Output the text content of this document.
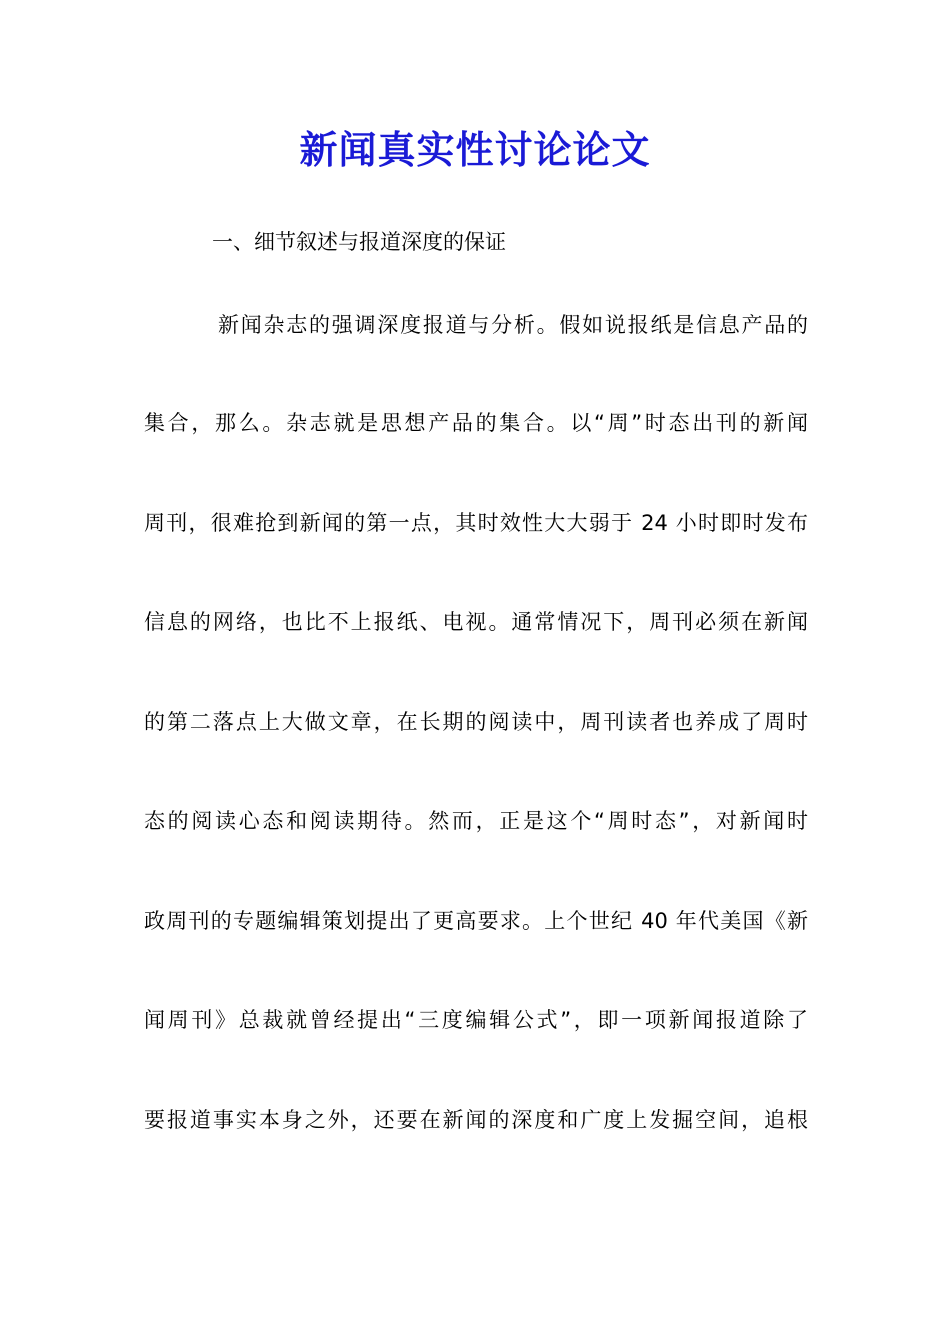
新闻真实性讨论论文

一、细节叙述与报道深度的保证

新闻杂志的强调深度报道与分析。假如说报纸是信息产品的

集合，那么。杂志就是思想产品的集合。以“周”时态出刊的新闻

周刊，很难抢到新闻的第一点，其时效性大大弱于 24 小时即时发布

信息的网络，也比不上报纸、电视。通常情况下，周刊必须在新闻

的第二落点上大做文章，在长期的阅读中，周刊读者也养成了周时

态的阅读心态和阅读期待。然而，正是这个“周时态”，对新闻时

政周刊的专题编辑策划提出了更高要求。上个世纪 40 年代美国《新

闻周刊》总裁就曾经提出“三度编辑公式”，即一项新闻报道除了

要报道事实本身之外，还要在新闻的深度和广度上发掘空间，追根
